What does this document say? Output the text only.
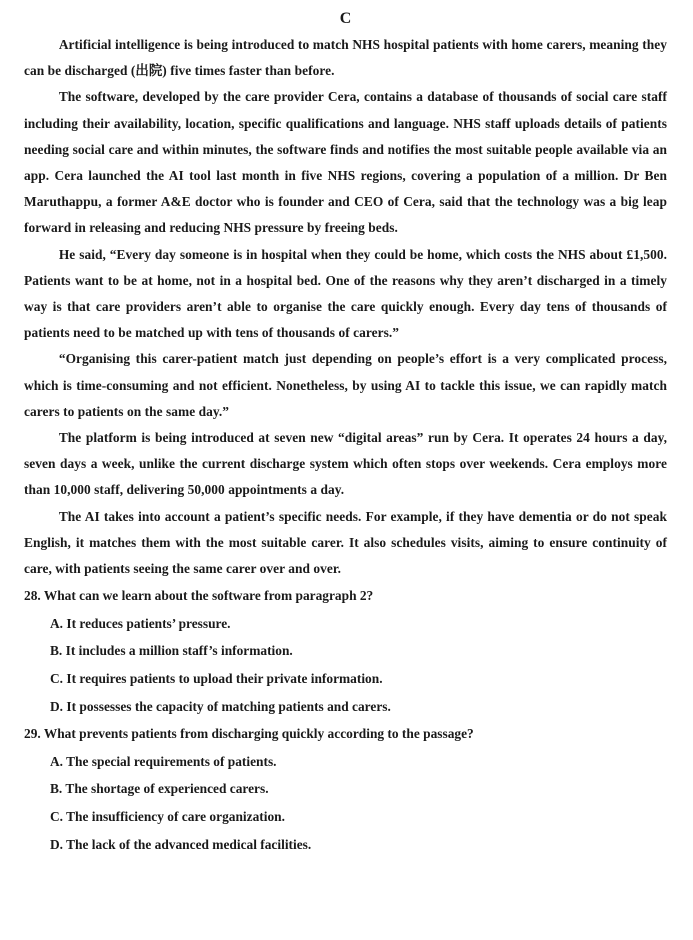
C

Artificial intelligence is being introduced to match NHS hospital patients with home carers, meaning they can be discharged (出院) five times faster than before.

The software, developed by the care provider Cera, contains a database of thousands of social care staff including their availability, location, specific qualifications and language. NHS staff uploads details of patients needing social care and within minutes, the software finds and notifies the most suitable people available via an app. Cera launched the AI tool last month in five NHS regions, covering a population of a million. Dr Ben Maruthappu, a former A&E doctor who is founder and CEO of Cera, said that the technology was a big leap forward in releasing and reducing NHS pressure by freeing beds.

He said, “Every day someone is in hospital when they could be home, which costs the NHS about £1,500. Patients want to be at home, not in a hospital bed. One of the reasons why they aren’t discharged in a timely way is that care providers aren’t able to organise the care quickly enough. Every day tens of thousands of patients need to be matched up with tens of thousands of carers.”

“Organising this carer-patient match just depending on people’s effort is a very complicated process, which is time-consuming and not efficient. Nonetheless, by using AI to tackle this issue, we can rapidly match carers to patients on the same day.”

The platform is being introduced at seven new “digital areas” run by Cera. It operates 24 hours a day, seven days a week, unlike the current discharge system which often stops over weekends. Cera employs more than 10,000 staff, delivering 50,000 appointments a day.

The AI takes into account a patient’s specific needs. For example, if they have dementia or do not speak English, it matches them with the most suitable carer. It also schedules visits, aiming to ensure continuity of care, with patients seeing the same carer over and over.

28. What can we learn about the software from paragraph 2?

A. It reduces patients’ pressure.
B. It includes a million staff’s information.
C. It requires patients to upload their private information.
D. It possesses the capacity of matching patients and carers.

29. What prevents patients from discharging quickly according to the passage?

A. The special requirements of patients.
B. The shortage of experienced carers.
C. The insufficiency of care organization.
D. The lack of the advanced medical facilities.
